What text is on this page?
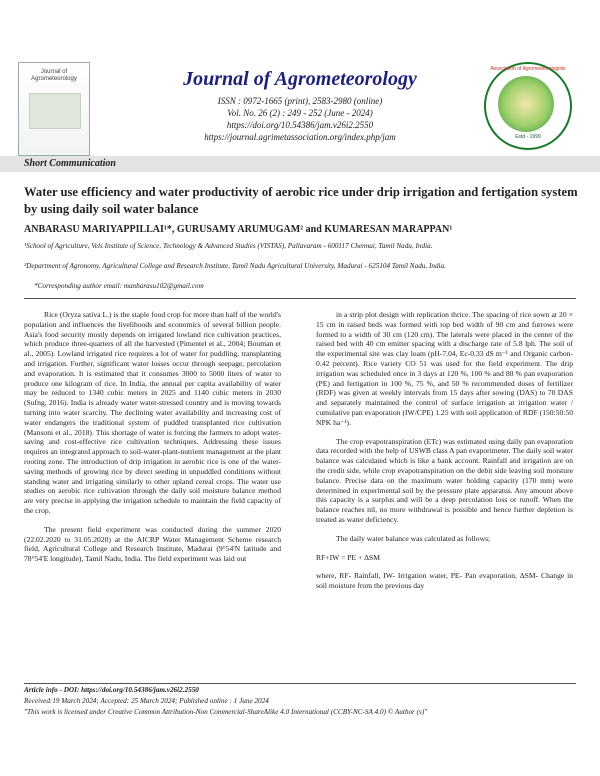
Journal of Agrometeorology	Journal of Agrometeorology
ISSN : 0972-1665 (print), 2583-2980 (online)
Vol. No. 26 (2) : 249 - 252 (June - 2024)
https://doi.org/10.54386/jam.v26i2.2550
https://journal.agrimetassociation.org/index.php/jam
Association of Agrometeorologists
Estd - 1999
Short Communication
Water use efficiency and water productivity of aerobic rice under drip irrigation and fertigation system by using daily soil water balance
ANBARASU MARIYAPPILLAI¹*, GURUSAMY ARUMUGAM² and KUMARESAN MARAPPAN¹
¹School of Agriculture, Vels Institute of Science, Technology & Advanced Studies (VISTAS), Pallavaram - 600117 Chennai, Tamil Nadu, India.
²Department of Agronomy, Agricultural College and Research Institute, Tamil Nadu Agricultural University, Madurai - 625104 Tamil Nadu, India.
*Corresponding author email: manbarasu102@gmail.com

Rice (Oryza sativa L.) is the staple food crop for more than half of the world's population and influences the livelihoods and economics of several billion people. Asia's food security mostly depends on irrigated lowland rice cultivation practices, which produce three-quarters of all the harvested (Pimentel et al., 2004; Bouman et al., 2005). Lowland irrigated rice requires a lot of water for puddling, transplanting and irrigation. Further, significant water losses occur through seepage, percolation and evaporation. It is estimated that it consumes 3000 to 5000 liters of water to produce one kilogram of rice. In India, the annual per capita availability of water may be reduced to 1340 cubic meters in 2025 and 1140 cubic meters in 2030 (Sufng, 2016). India is already water water-stressed country and is moving towards turning into water scarcity. The declining water availability and increasing cost of water endangers the traditional system of puddled transplanted rice cultivation (Mansoni et al., 2018). This shortage of water is forcing the farmers to adopt water-saving and cost-effective rice cultivation techniques. Addressing these issues requires an integrated approach to soil-water-plant-nutrient management at the plant rooting zone. The introduction of drip irrigation in aerobic rice is one of the water-saving methods of growing rice by direct seeding in unpuddled conditions without standing water and irrigating similarly to other upland cereal crops. The water use studies on aerobic rice cultivation through the daily soil moisture balance method are very precise in applying the irrigation schedule to maintain the field capacity of the crop.

The present field experiment was conducted during the summer 2020 (22.02.2020 to 31.05.2020) at the AICRP Water Management Scheme research field, Agricultural College and Research Institute, Madurai (9°54'N latitude and 78°54'E longitude), Tamil Nadu, India. The field experiment was laid out

in a strip plot design with replication thrice. The spacing of rice sown at 20 × 15 cm in raised beds was formed with top bed width of 90 cm and furrows were formed to a width of 30 cm (120 cm). The laterals were placed in the center of the raised bed with 40 cm emitter spacing with a discharge rate of 5.8 lph. The soil of the experimental site was clay loam (pH-7.04, Ec-0.33 dS m⁻¹ and Organic carbon-0.42 percent). Rice variety CO 51 was used for the field experiment. The drip irrigation was scheduled once in 3 days at 120 %, 100 % and 80 % pan evaporation (PE) and fertigation in 100 %, 75 %, and 50 % recommended doses of fertilizer (RDF) was given at weekly intervals from 15 days after sowing (DAS) to 70 DAS and separately maintained the control of surface irrigation at irrigation water / cumulative pan evaporation (IW/CPE) 1.25 with soil application of RDF (150:50:50 NPK ha⁻¹).

The crop evapotranspiration (ETc) was estimated using daily pan evaporation data recorded with the help of USWB class A pan evaporimeter. The daily soil water balance was calculated which is like a bank account. Rainfall and irrigation are on the credit side, while crop evapotranspiration on the debit side leaving soil moisture balance. Precise data on the maximum water holding capacity (170 mm) were determined in experimental soil by the pressure plate apparatus. Any amount above this capacity is a surplus and will be a deep percolation loss or runoff. When the balance reaches nil, no more withdrawal is possible and hence further depletion is treated as water deficiency.

The daily water balance was calculated as follows;

RF+IW = PE + ΔSM

where, RF- Rainfall, IW- Irrigation water, PE- Pan evaporation, ΔSM- Change in soil moisture from the previous day

Article info - DOI: https://doi.org/10.54386/jam.v26i2.2550
Received:19 March 2024; Accepted: 25 March 2024; Published online : 1 June 2024
"This work is licensed under Creative Common Attribution-Non Commercial-ShareAlike 4.0 International (CCBY-NC-SA 4.0) © Author (s)"
